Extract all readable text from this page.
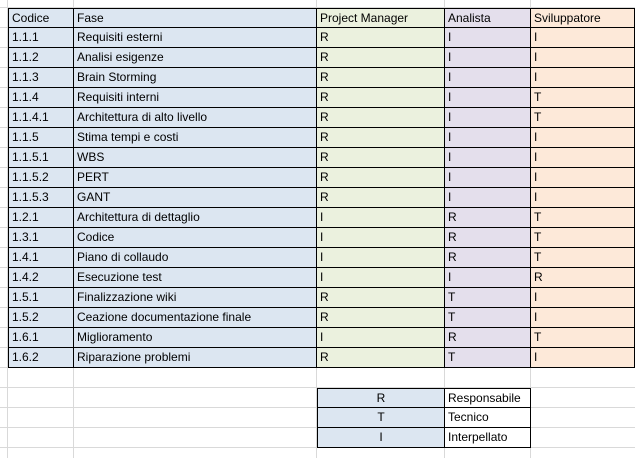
Codice	Fase	Project Manager	Analista	Sviluppatore
1.1.1	Requisiti esterni	R	I	I
1.1.2	Analisi esigenze	R	I	I
1.1.3	Brain Storming	R	I	I
1.1.4	Requisiti interni	R	I	T
1.1.4.1	Architettura di alto livello	R	I	T
1.1.5	Stima tempi e costi	R	I	I
1.1.5.1	WBS	R	I	I
1.1.5.2	PERT	R	I	I
1.1.5.3	GANT	R	I	I
1.2.1	Architettura di dettaglio	I	R	T
1.3.1	Codice	I	R	T
1.4.1	Piano di collaudo	I	R	T
1.4.2	Esecuzione test	I	I	R
1.5.1	Finalizzazione wiki	R	T	I
1.5.2	Ceazione documentazione finale	R	T	I
1.6.1	Miglioramento	I	R	T
1.6.2	Riparazione problemi	R	T	I
R	Responsabile
T	Tecnico
I	Interpellato
